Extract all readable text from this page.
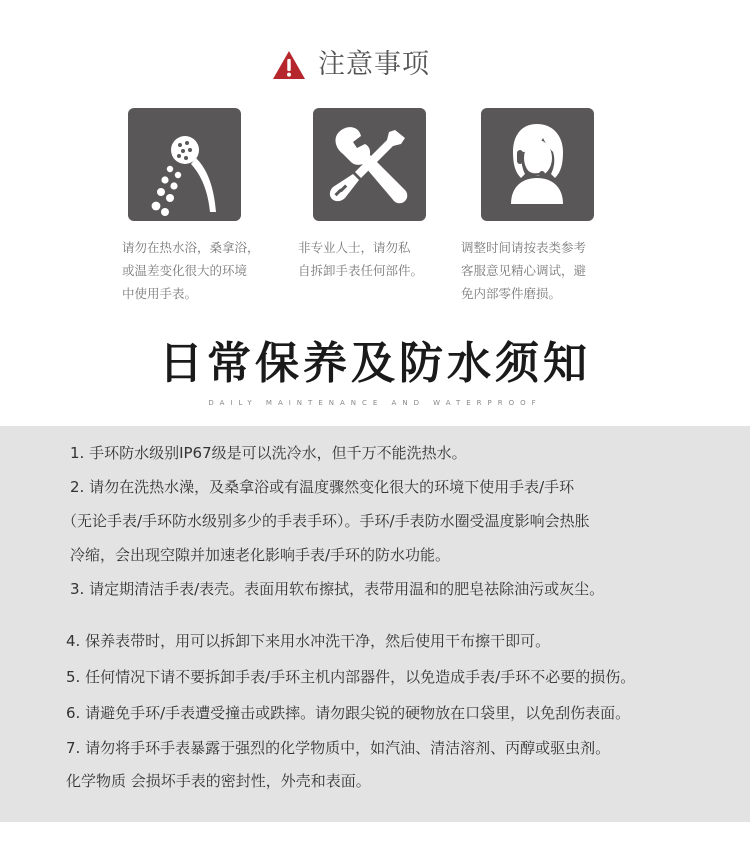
注意事项
请勿在热水浴，桑拿浴，
或温差变化很大的环境
中使用手表。
非专业人士，请勿私
自拆卸手表任何部件。
调整时间请按表类参考
客服意见精心调试，避
免内部零件磨损。
日常保养及防水须知
DAILY MAINTENANCE AND WATERPROOF
1. 手环防水级别IP67级是可以洗冷水，但千万不能洗热水。
2. 请勿在洗热水澡，及桑拿浴或有温度骤然变化很大的环境下使用手表/手环
（无论手表/手环防水级别多少的手表手环）。手环/手表防水圈受温度影响会热胀
冷缩，会出现空隙并加速老化影响手表/手环的防水功能。
3. 请定期清洁手表/表壳。表面用软布擦拭，表带用温和的肥皂祛除油污或灰尘。
4. 保养表带时，用可以拆卸下来用水冲洗干净，然后使用干布擦干即可。
5. 任何情况下请不要拆卸手表/手环主机内部器件，以免造成手表/手环不必要的损伤。
6. 请避免手环/手表遭受撞击或跌摔。请勿跟尖锐的硬物放在口袋里，以免刮伤表面。
7. 请勿将手环手表暴露于强烈的化学物质中，如汽油、清洁溶剂、丙醇或驱虫剂。
化学物质 会损坏手表的密封性，外壳和表面。
